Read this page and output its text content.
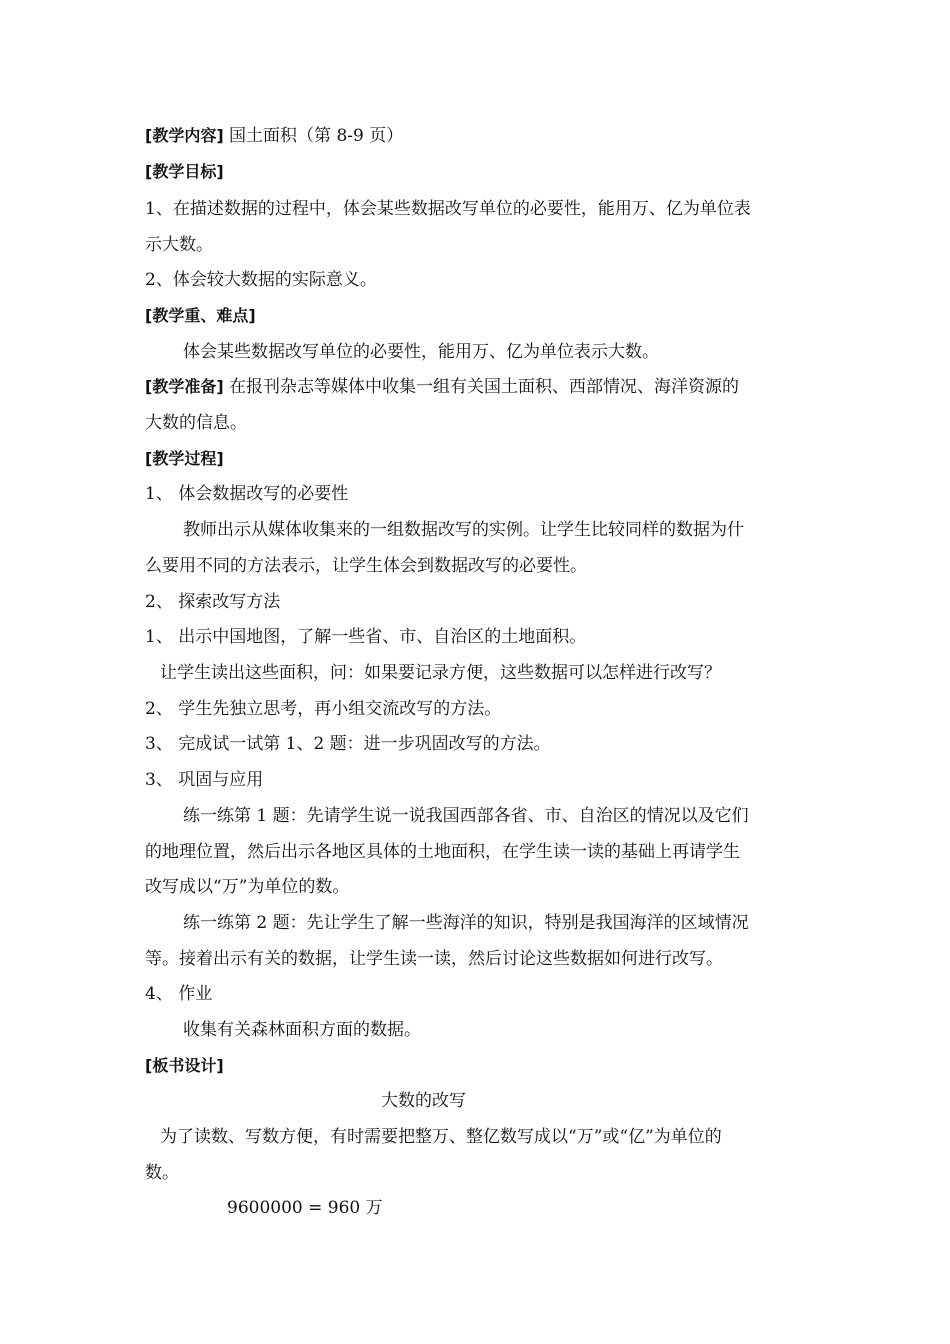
[教学内容] 国土面积（第 8-9 页）
[教学目标]
1、在描述数据的过程中，体会某些数据改写单位的必要性，能用万、亿为单位表
示大数。
2、体会较大数据的实际意义。
[教学重、难点]
体会某些数据改写单位的必要性，能用万、亿为单位表示大数。
[教学准备] 在报刊杂志等媒体中收集一组有关国土面积、西部情况、海洋资源的
大数的信息。
[教学过程]
1、 体会数据改写的必要性
教师出示从媒体收集来的一组数据改写的实例。让学生比较同样的数据为什
么要用不同的方法表示，让学生体会到数据改写的必要性。
2、 探索改写方法
1、 出示中国地图，了解一些省、市、自治区的土地面积。
让学生读出这些面积，问：如果要记录方便，这些数据可以怎样进行改写？
2、 学生先独立思考，再小组交流改写的方法。
3、 完成试一试第 1、2 题：进一步巩固改写的方法。
3、 巩固与应用
练一练第 1 题：先请学生说一说我国西部各省、市、自治区的情况以及它们
的地理位置，然后出示各地区具体的土地面积，在学生读一读的基础上再请学生
改写成以“万”为单位的数。
练一练第 2 题：先让学生了解一些海洋的知识，特别是我国海洋的区域情况
等。接着出示有关的数据，让学生读一读，然后讨论这些数据如何进行改写。
4、 作业
收集有关森林面积方面的数据。
[板书设计]
大数的改写
为了读数、写数方便，有时需要把整万、整亿数写成以“万”或“亿”为单位的
数。
9600000 = 960 万
